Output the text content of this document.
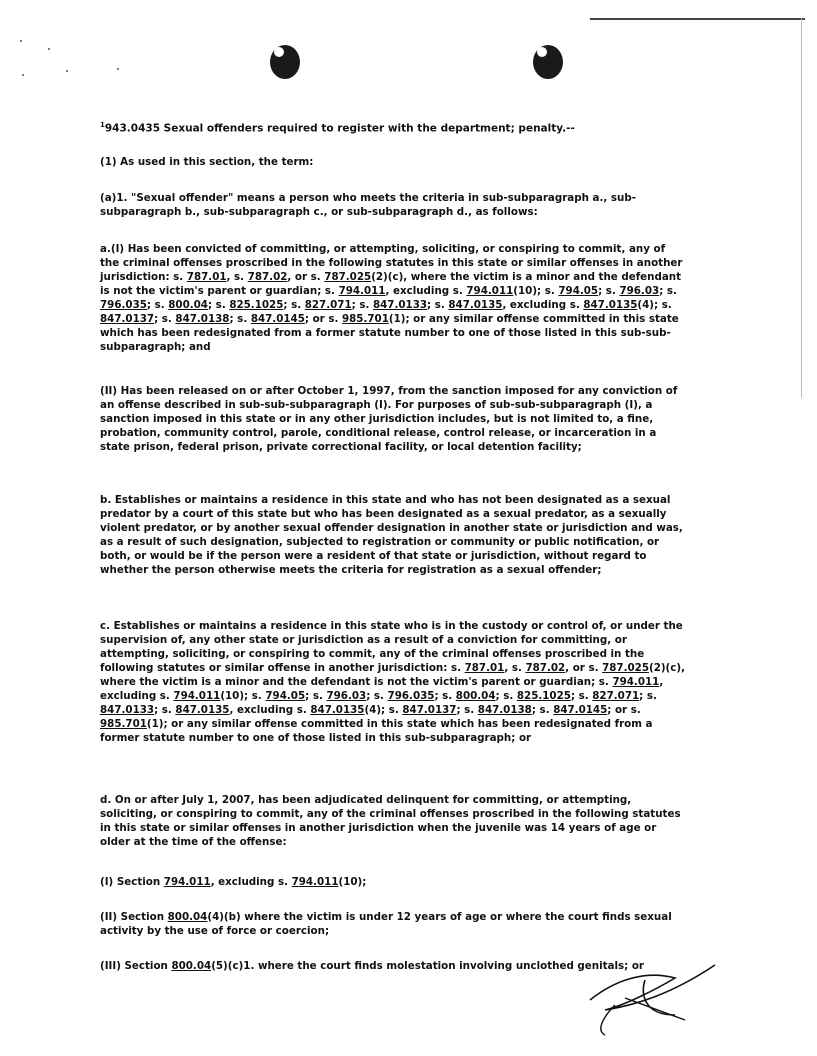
$^1$943.0435 Sexual offenders required to register with the department; penalty.--

(1) As used in this section, the term:

(a)1. "Sexual offender" means a person who meets the criteria in sub-subparagraph a., sub-subparagraph b., sub-subparagraph c., or sub-subparagraph d., as follows:

a.(I) Has been convicted of committing, or attempting, soliciting, or conspiring to commit, any of the criminal offenses proscribed in the following statutes in this state or similar offenses in another jurisdiction: s. 787.01, s. 787.02, or s. 787.025(2)(c), where the victim is a minor and the defendant is not the victim's parent or guardian; s. 794.011, excluding s. 794.011(10); s. 794.05; s. 796.03; s. 796.035; s. 800.04; s. 825.1025; s. 827.071; s. 847.0133; s. 847.0135, excluding s. 847.0135(4); s. 847.0137; s. 847.0138; s. 847.0145; or s. 985.701(1); or any similar offense committed in this state which has been redesignated from a former statute number to one of those listed in this sub-sub-subparagraph; and

(II) Has been released on or after October 1, 1997, from the sanction imposed for any conviction of an offense described in sub-sub-subparagraph (I). For purposes of sub-sub-subparagraph (I), a sanction imposed in this state or in any other jurisdiction includes, but is not limited to, a fine, probation, community control, parole, conditional release, control release, or incarceration in a state prison, federal prison, private correctional facility, or local detention facility;

b. Establishes or maintains a residence in this state and who has not been designated as a sexual predator by a court of this state but who has been designated as a sexual predator, as a sexually violent predator, or by another sexual offender designation in another state or jurisdiction and was, as a result of such designation, subjected to registration or community or public notification, or both, or would be if the person were a resident of that state or jurisdiction, without regard to whether the person otherwise meets the criteria for registration as a sexual offender;

c. Establishes or maintains a residence in this state who is in the custody or control of, or under the supervision of, any other state or jurisdiction as a result of a conviction for committing, or attempting, soliciting, or conspiring to commit, any of the criminal offenses proscribed in the following statutes or similar offense in another jurisdiction: s. 787.01, s. 787.02, or s. 787.025(2)(c), where the victim is a minor and the defendant is not the victim's parent or guardian; s. 794.011, excluding s. 794.011(10); s. 794.05; s. 796.03; s. 796.035; s. 800.04; s. 825.1025; s. 827.071; s. 847.0133; s. 847.0135, excluding s. 847.0135(4); s. 847.0137; s. 847.0138; s. 847.0145; or s. 985.701(1); or any similar offense committed in this state which has been redesignated from a former statute number to one of those listed in this sub-subparagraph; or

d. On or after July 1, 2007, has been adjudicated delinquent for committing, or attempting, soliciting, or conspiring to commit, any of the criminal offenses proscribed in the following statutes in this state or similar offenses in another jurisdiction when the juvenile was 14 years of age or older at the time of the offense:

(I) Section 794.011, excluding s. 794.011(10);

(II) Section 800.04(4)(b) where the victim is under 12 years of age or where the court finds sexual activity by the use of force or coercion;

(III) Section 800.04(5)(c)1. where the court finds molestation involving unclothed genitals; or
